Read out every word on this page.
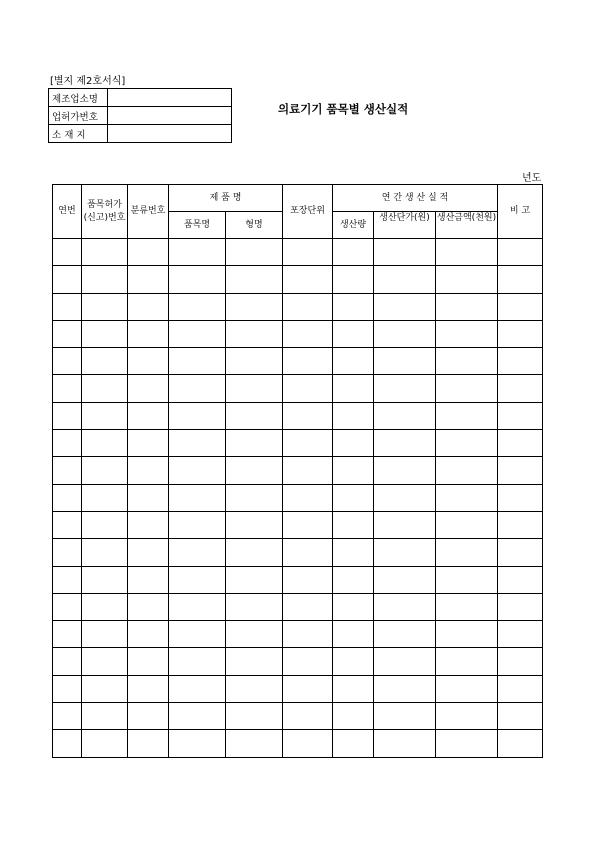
[별지 제2호서식]
제조업소명	
업허가번호	
소 재 지	
의료기기 품목별 생산실적
년도
연번	품목허가(신고)번호	분류번호	제 품 명		포장단위	연 간 생 산 실 적			비 고
			품목명	형명		생산량	생산단가(원)	생산금액(천원)	
